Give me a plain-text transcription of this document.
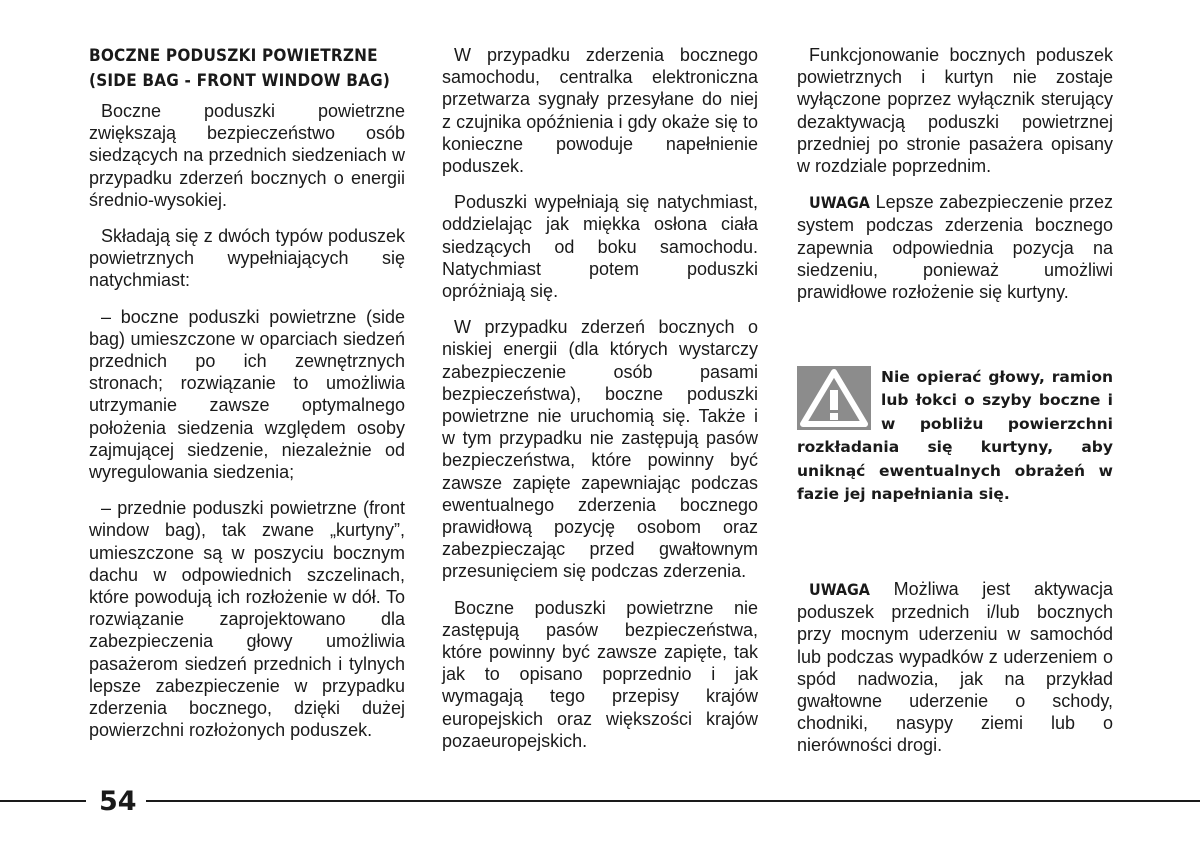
BOCZNE PODUSZKI POWIETRZNE (SIDE BAG - FRONT WINDOW BAG)

Boczne poduszki powietrzne zwiększają bezpieczeństwo osób siedzących na przednich siedzeniach w przypadku zderzeń bocznych o energii średnio-wysokiej.

Składają się z dwóch typów poduszek powietrznych wypełniających się natychmiast:

– boczne poduszki powietrzne (side bag) umieszczone w oparciach siedzeń przednich po ich zewnętrznych stronach; rozwiązanie to umożliwia utrzymanie zawsze optymalnego położenia siedzenia względem osoby zajmującej siedzenie, niezależnie od wyregulowania siedzenia;

– przednie poduszki powietrzne (front window bag), tak zwane „kurtyny”, umieszczone są w poszyciu bocznym dachu w odpowiednich szczelinach, które powodują ich rozłożenie w dół. To rozwiązanie zaprojektowano dla zabezpieczenia głowy umożliwia pasażerom siedzeń przednich i tylnych lepsze zabezpieczenie w przypadku zderzenia bocznego, dzięki dużej powierzchni rozłożonych poduszek.

W przypadku zderzenia bocznego samochodu, centralka elektroniczna przetwarza sygnały przesyłane do niej z czujnika opóźnienia i gdy okaże się to konieczne powoduje napełnienie poduszek.

Poduszki wypełniają się natychmiast, oddzielając jak miękka osłona ciała siedzących od boku samochodu. Natychmiast potem poduszki opróżniają się.

W przypadku zderzeń bocznych o niskiej energii (dla których wystarczy zabezpieczenie osób pasami bezpieczeństwa), boczne poduszki powietrzne nie uruchomią się. Także i w tym przypadku nie zastępują pasów bezpieczeństwa, które powinny być zawsze zapięte zapewniając podczas ewentualnego zderzenia bocznego prawidłową pozycję osobom oraz zabezpieczając przed gwałtownym przesunięciem się podczas zderzenia.

Boczne poduszki powietrzne nie zastępują pasów bezpieczeństwa, które powinny być zawsze zapięte, tak jak to opisano poprzednio i jak wymagają tego przepisy krajów europejskich oraz większości krajów pozaeuropejskich.

Funkcjonowanie bocznych poduszek powietrznych i kurtyn nie zostaje wyłączone poprzez wyłącznik sterujący dezaktywacją poduszki powietrznej przedniej po stronie pasażera opisany w rozdziale poprzednim.

UWAGA Lepsze zabezpieczenie przez system podczas zderzenia bocznego zapewnia odpowiednia pozycja na siedzeniu, ponieważ umożliwi prawidłowe rozłożenie się kurtyny.

Nie opierać głowy, ramion lub łokci o szyby boczne i w pobliżu powierzchni rozkładania się kurtyny, aby uniknąć ewentualnych obrażeń w fazie jej napełniania się.

UWAGA Możliwa jest aktywacja poduszek przednich i/lub bocznych przy mocnym uderzeniu w samochód lub podczas wypadków z uderzeniem o spód nadwozia, jak na przykład gwałtowne uderzenie o schody, chodniki, nasypy ziemi lub o nierówności drogi.

54
